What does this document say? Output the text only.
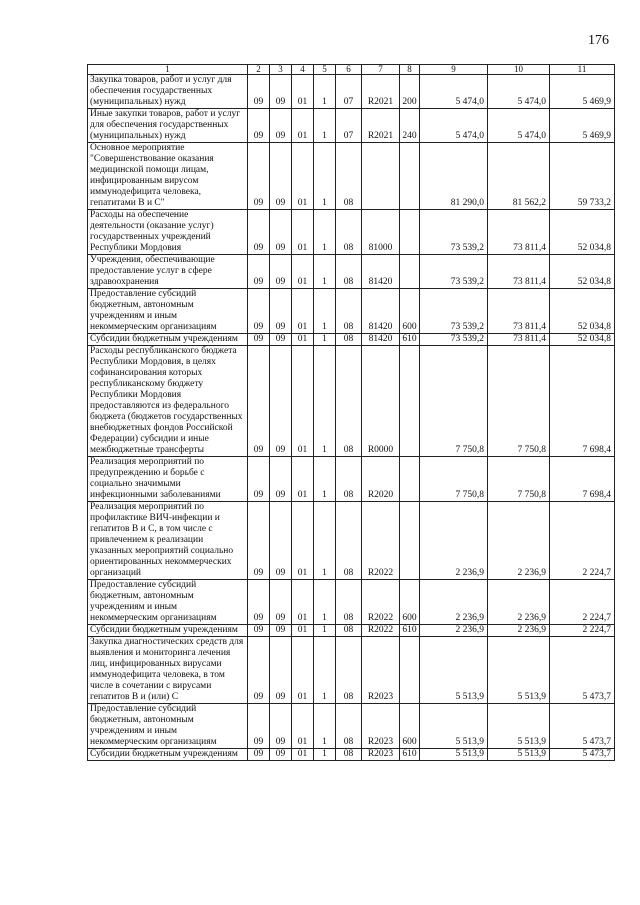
176
1	2	3	4	5	6	7	8	9	10	11
Закупка товаров, работ и услуг для обеспечения государственных (муниципальных) нужд	09	09	01	1	07	R2021	200	5 474,0	5 474,0	5 469,9
Иные закупки товаров, работ и услуг для обеспечения государственных (муниципальных) нужд	09	09	01	1	07	R2021	240	5 474,0	5 474,0	5 469,9
Основное мероприятие "Совершенствование оказания медицинской помощи лицам, инфицированным вирусом иммунодефицита человека, гепатитами В и С"	09	09	01	1	08			81 290,0	81 562,2	59 733,2
Расходы на обеспечение деятельности (оказание услуг) государственных учреждений Республики Мордовия	09	09	01	1	08	81000		73 539,2	73 811,4	52 034,8
Учреждения, обеспечивающие предоставление услуг в сфере здравоохранения	09	09	01	1	08	81420		73 539,2	73 811,4	52 034,8
Предоставление субсидий бюджетным, автономным учреждениям и иным некоммерческим организациям	09	09	01	1	08	81420	600	73 539,2	73 811,4	52 034,8
Субсидии бюджетным учреждениям	09	09	01	1	08	81420	610	73 539,2	73 811,4	52 034,8
Расходы республиканского бюджета Республики Мордовия, в целях софинансирования которых республиканскому бюджету Республики Мордовия предоставляются из федерального бюджета (бюджетов государственных внебюджетных фондов Российской Федерации) субсидии и иные межбюджетные трансферты	09	09	01	1	08	R0000		7 750,8	7 750,8	7 698,4
Реализация мероприятий по предупреждению и борьбе с социально значимыми инфекционными заболеваниями	09	09	01	1	08	R2020		7 750,8	7 750,8	7 698,4
Реализация мероприятий по профилактике ВИЧ-инфекции и гепатитов В и С, в том числе с привлечением к реализации указанных мероприятий социально ориентированных некоммерческих организаций	09	09	01	1	08	R2022		2 236,9	2 236,9	2 224,7
Предоставление субсидий бюджетным, автономным учреждениям и иным некоммерческим организациям	09	09	01	1	08	R2022	600	2 236,9	2 236,9	2 224,7
Субсидии бюджетным учреждениям	09	09	01	1	08	R2022	610	2 236,9	2 236,9	2 224,7
Закупка диагностических средств для выявления и мониторинга лечения лиц, инфицированных вирусами иммунодефицита человека, в том числе в сочетании с вирусами гепатитов В и (или) С	09	09	01	1	08	R2023		5 513,9	5 513,9	5 473,7
Предоставление субсидий бюджетным, автономным учреждениям и иным некоммерческим организациям	09	09	01	1	08	R2023	600	5 513,9	5 513,9	5 473,7
Субсидии бюджетным учреждениям	09	09	01	1	08	R2023	610	5 513,9	5 513,9	5 473,7
